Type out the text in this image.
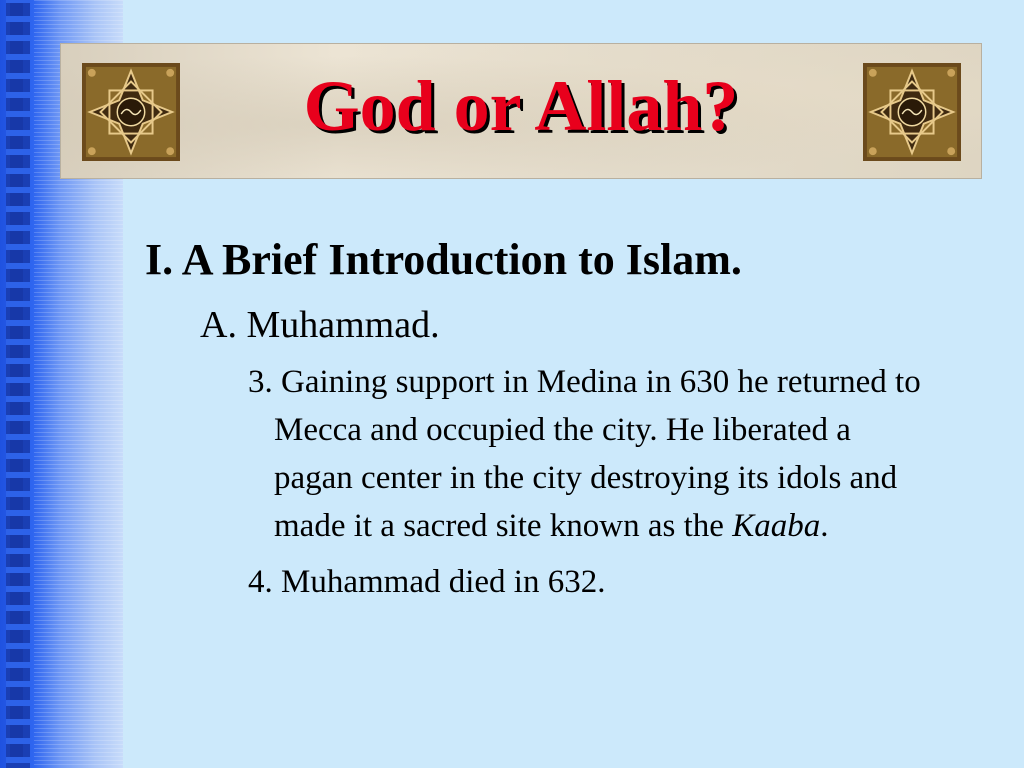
God or Allah?

I. A Brief Introduction to Islam.

A. Muhammad.

3. Gaining support in Medina in 630 he returned to Mecca and occupied the city. He liberated a pagan center in the city destroying its idols and made it a sacred site known as the Kaaba.

4. Muhammad died in 632.
